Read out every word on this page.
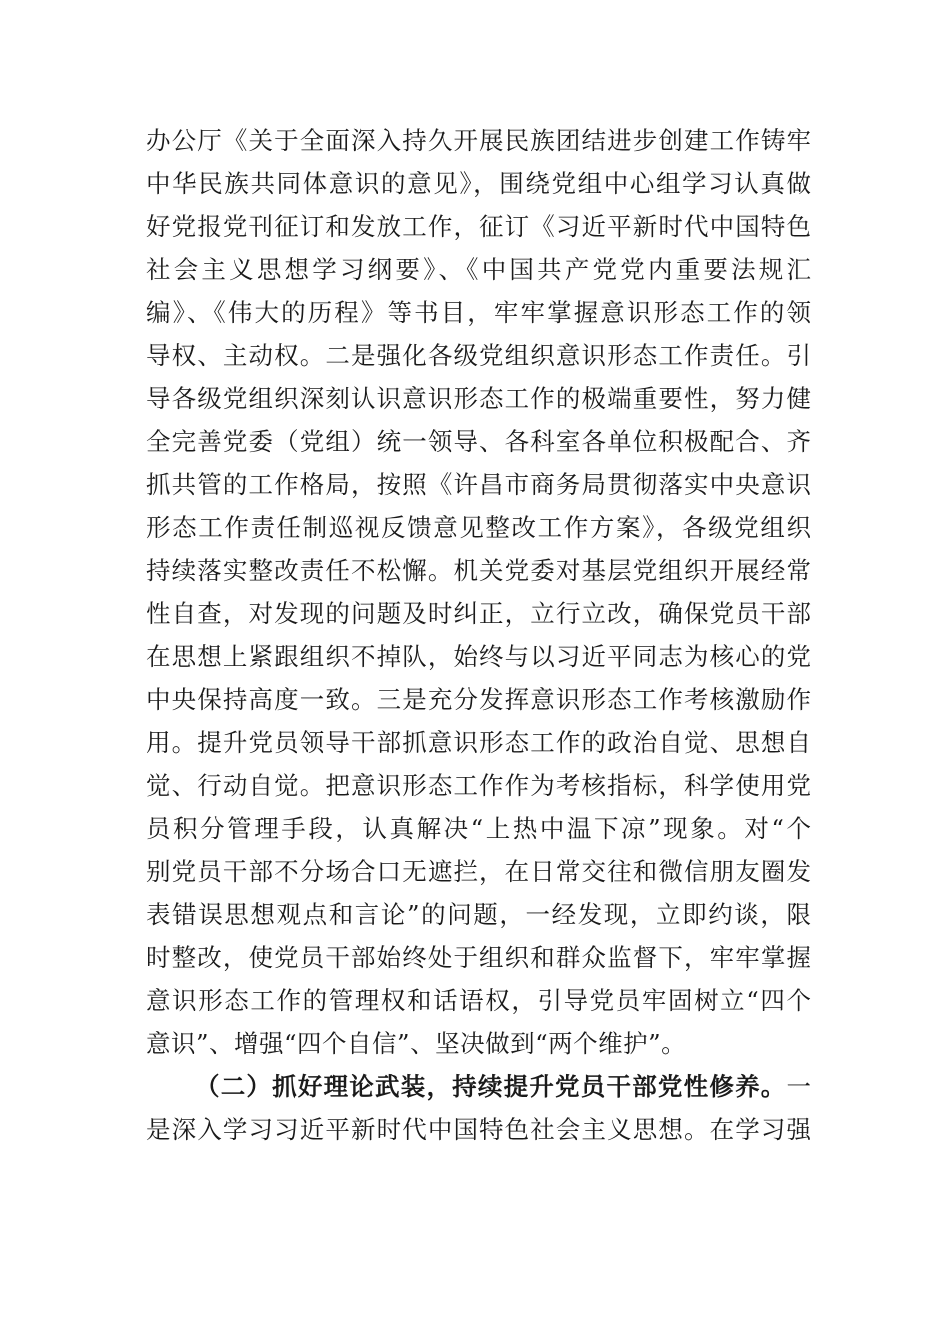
办公厅《关于全面深入持久开展民族团结进步创建工作铸牢
中华民族共同体意识的意见》，围绕党组中心组学习认真做
好党报党刊征订和发放工作，征订《习近平新时代中国特色
社会主义思想学习纲要》、《中国共产党党内重要法规汇
编》、《伟大的历程》等书目，牢牢掌握意识形态工作的领
导权、主动权。二是强化各级党组织意识形态工作责任。引
导各级党组织深刻认识意识形态工作的极端重要性，努力健
全完善党委（党组）统一领导、各科室各单位积极配合、齐
抓共管的工作格局，按照《许昌市商务局贯彻落实中央意识
形态工作责任制巡视反馈意见整改工作方案》，各级党组织
持续落实整改责任不松懈。机关党委对基层党组织开展经常
性自查，对发现的问题及时纠正，立行立改，确保党员干部
在思想上紧跟组织不掉队，始终与以习近平同志为核心的党
中央保持高度一致。三是充分发挥意识形态工作考核激励作
用。提升党员领导干部抓意识形态工作的政治自觉、思想自
觉、行动自觉。把意识形态工作作为考核指标，科学使用党
员积分管理手段，认真解决“上热中温下凉”现象。对“个
别党员干部不分场合口无遮拦，在日常交往和微信朋友圈发
表错误思想观点和言论”的问题，一经发现，立即约谈，限
时整改，使党员干部始终处于组织和群众监督下，牢牢掌握
意识形态工作的管理权和话语权，引导党员牢固树立“四个
意识”、增强“四个自信”、坚决做到“两个维护”。
（二）抓好理论武装，持续提升党员干部党性修养。一
是深入学习习近平新时代中国特色社会主义思想。在学习强
